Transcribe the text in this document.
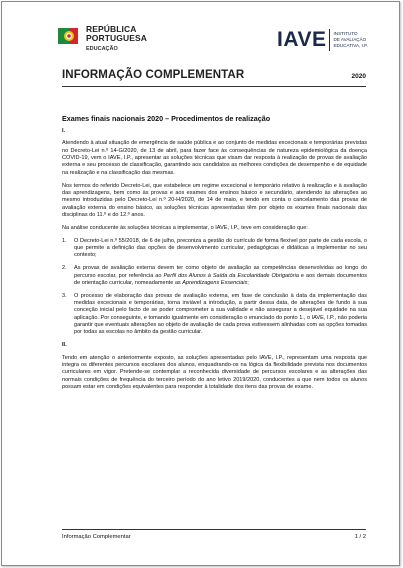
REPÚBLICA
PORTUGUESA
EDUCAÇÃO	IAVE INSTITUTO
DE AVALIAÇÃO
EDUCATIVA, I.P.
INFORMAÇÃO COMPLEMENTAR	2020
Exames finais nacionais 2020 – Procedimentos de realização
I.

Atendendo à atual situação de emergência de saúde pública e ao conjunto de medidas excecionais e temporárias previstas no Decreto-Lei n.º 14-G/2020, de 13 de abril, para fazer face às consequências de natureza epidemiológica da doença COVID-19, vem o IAVE, I.P., apresentar as soluções técnicas que visam dar resposta à realização de provas de avaliação externa e seu processo de classificação, garantindo aos candidatos as melhores condições de desempenho e de equidade na realização e na classificação das mesmas.

Nos termos do referido Decreto-Lei, que estabelece um regime excecional e temporário relativo à realização e à avaliação das aprendizagens, bem como às provas e aos exames dos ensinos básico e secundário, atendendo às alterações ao mesmo introduzidas pelo Decreto-Lei n.º 20-H/2020, de 14 de maio, e tendo em conta o cancelamento das provas de avaliação externa do ensino básico, as soluções técnicas apresentadas têm por objeto os exames finais nacionais das disciplinas do 11.º e do 12.º anos.

Na análise conducente às soluções técnicas a implementar, o IAVE, I.P., teve em consideração que:

1.	O Decreto-Lei n.º 55/2018, de 6 de julho, preconiza a gestão do currículo de forma flexível por parte de cada escola, o que permite a definição das opções de desenvolvimento curricular, pedagógicas e didáticas a implementar no seu contexto;
2.	As provas de avaliação externa devem ter como objeto de avaliação as competências desenvolvidas ao longo do percurso escolar, por referência ao Perfil dos Alunos à Saída da Escolaridade Obrigatória e aos demais documentos de orientação curricular, nomeadamente as Aprendizagens Essenciais;
3.	O processo de elaboração das provas de avaliação externa, em fase de conclusão à data da implementação das medidas excecionais e temporárias, torna inviável a introdução, a partir dessa data, de alterações de fundo à sua conceção inicial pelo facto de se poder comprometer a sua validade e não assegurar a desejável equidade na sua aplicação. Por conseguinte, e tomando igualmente em consideração o enunciado do ponto 1., o IAVE, I.P., não poderia garantir que eventuais alterações ao objeto de avaliação de cada prova estivessem alinhadas com as opções tomadas por todas as escolas no âmbito da gestão curricular.
II.

Tendo em atenção o anteriormente exposto, as soluções apresentadas pelo IAVE, I.P., representam uma resposta que integra os diferentes percursos escolares dos alunos, enquadrando-os na lógica da flexibilidade prevista nos documentos curriculares em vigor. Pretende-se contemplar a reconhecida diversidade de percursos escolares e as alterações das normais condições de frequência do terceiro período do ano letivo 2019/2020, conducentes a que nem todos os alunos possam estar em condições equivalentes para responder à totalidade dos itens das provas de exame.

Informação Complementar	1 / 2
